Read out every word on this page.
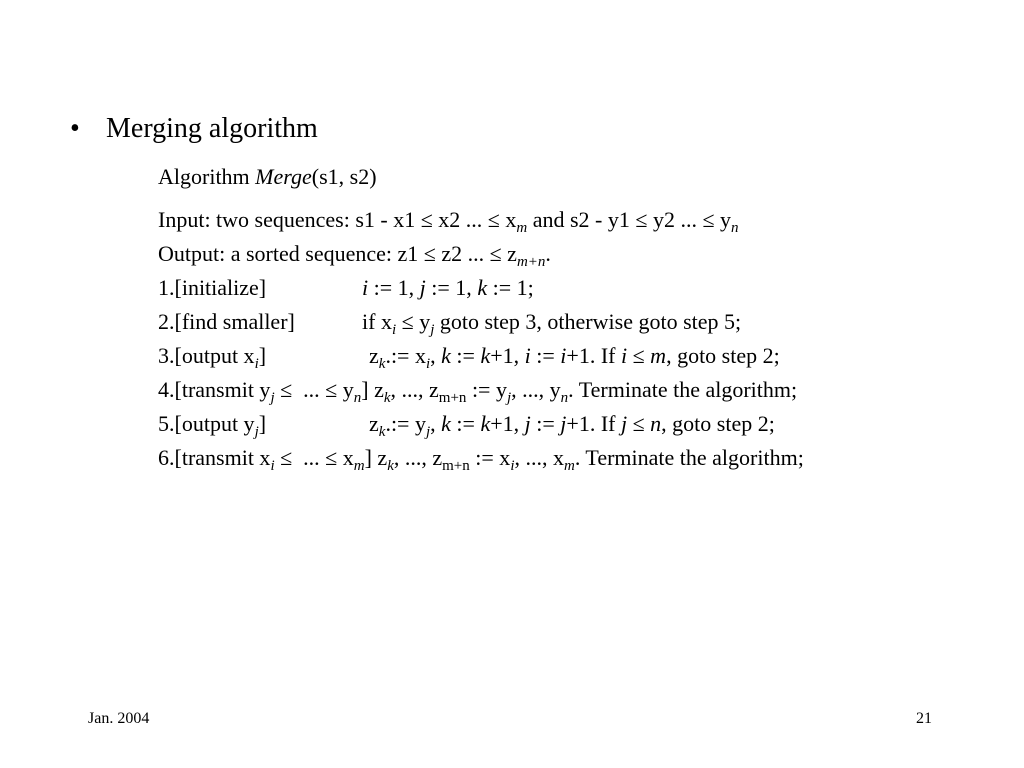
• Merging algorithm
Algorithm Merge(s1, s2)
Input: two sequences: s1 - x1 ≤ x2 ... ≤ $x_m$ and s2 - y1 ≤ y2 ... ≤ $y_n$
Output: a sorted sequence: z1 ≤ z2 ... ≤ $z_{m+n}$.
1.[initialize]	i := 1, j := 1, k := 1;
2.[find smaller]	if $x_i \le y_j$ goto step 3, otherwise goto step 5;
3.[output $x_i$]	$z_k.:= x_i$, k := k+1, i := i+1. If i ≤ m, goto step 2;
4.[transmit $y_j$ ≤  ... ≤ $y_n$] $z_k$, ..., $z_{m+n}$ := $y_j$, ..., $y_n$. Terminate the algorithm;
5.[output $y_j$]	$z_k.:= y_j$, k := k+1, j := j+1. If j ≤ n, goto step 2;
6.[transmit $x_i$ ≤  ... ≤ $x_m$] $z_k$, ..., $z_{m+n}$ := $x_i$, ..., $x_m$. Terminate the algorithm;
Jan. 2004	21
